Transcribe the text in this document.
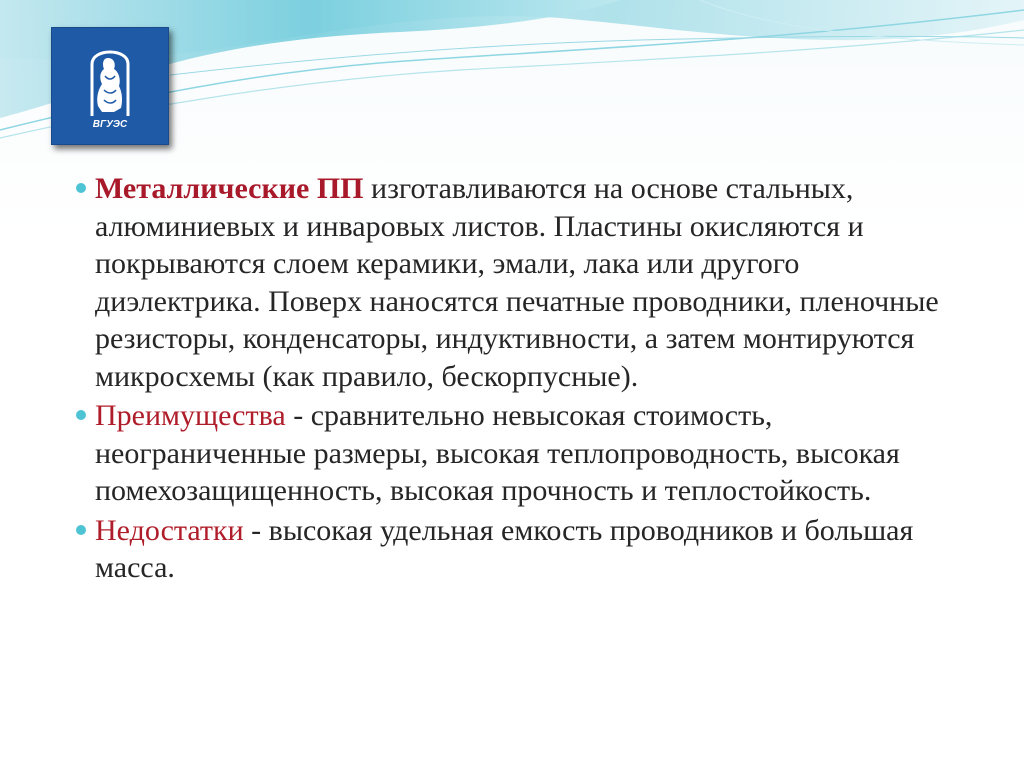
ВГУЭС
Металлические ПП изготавливаются на основе стальных, алюминиевых и инваровых листов. Пластины окисляются и покрываются слоем керамики, эмали, лака или другого диэлектрика. Поверх наносятся печатные проводники, пленочные резисторы, конденсаторы, индуктивности, а затем монтируются микросхемы (как правило, бескорпусные).
Преимущества - сравнительно невысокая стоимость, неограниченные размеры, высокая теплопроводность, высокая помехозащищенность, высокая прочность и теплостойкость.
Недостатки - высокая удельная емкость проводников и большая масса.
